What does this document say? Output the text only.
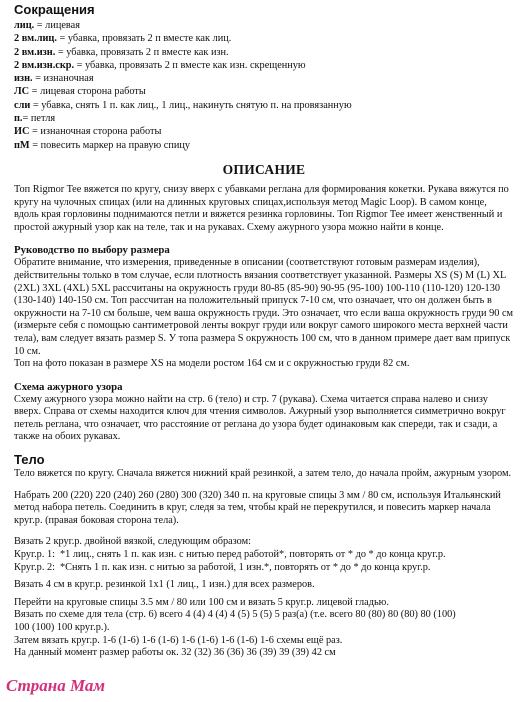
Сокращения
лиц. = лицевая
2 вм.лиц. = убавка, провязать 2 п вместе как лиц.
2 вм.изн. = убавка, провязать 2 п вместе как изн.
2 вм.изн.скр. = убавка, провязать 2 п вместе как изн. скрещенную
изн. = изнаночная
ЛС = лицевая сторона работы
сли = убавка, снять 1 п. как лиц., 1 лиц., накинуть снятую п. на провязанную
п.= петля
ИС = изнаночная сторона работы
пМ = повесить маркер на правую спицу
ОПИСАНИЕ

Топ Rigmor Tee вяжется по кругу, снизу вверх с убавками реглана для формирования кокетки. Рукава вяжутся по кругу на чулочных спицах (или на длинных круговых спицах,используя метод Magic Loop). В самом конце, вдоль края горловины поднимаются петли и вяжется резинка горловины. Топ Rigmor Tee имеет женственный и простой ажурный узор как на теле, так и на рукавах. Схему ажурного узора можно найти в конце.

Руководство по выбору размера

Обратите внимание, что измерения, приведенные в описании (соответствуют готовым размерам изделия), действительны только в том случае, если плотность вязания соответствует указанной. Размеры XS (S) M (L) XL (2XL) 3XL (4XL) 5XL рассчитаны на окружность груди 80-85 (85-90) 90-95 (95-100) 100-110 (110-120) 120-130 (130-140) 140-150 см. Топ рассчитан на положительный припуск 7-10 см, что означает, что он должен быть в окружности на 7-10 см больше, чем ваша окружность груди. Это означает, что если ваша окружность груди 90 см (измерьте себя с помощью сантиметровой ленты вокруг груди или вокруг самого широкого места верхней части тела), вам следует вязать размер S. У топа размера S окружность 100 см, что в данном примере дает вам припуск 10 см.

Топ на фото показан в размере XS на модели ростом 164 см и с окружностью груди 82 см.

Схема ажурного узора

Схему ажурного узора можно найти на стр. 6 (тело) и стр. 7 (рукава). Схема читается справа налево и снизу вверх. Справа от схемы находится ключ для чтения символов. Ажурный узор выполняется симметрично вокруг петель реглана, что означает, что расстояние от реглана до узора будет одинаковым как спереди, так и сзади, а также на обоих рукавах.

Тело

Тело вяжется по кругу. Сначала вяжется нижний край резинкой, а затем тело, до начала пройм, ажурным узором.

Набрать 200 (220) 220 (240) 260 (280) 300 (320) 340 п. на круговые спицы 3 мм / 80 см, используя Итальянский метод набора петель. Соединить в круг, следя за тем, чтобы край не перекрутился, и повесить маркер начала круг.р. (правая боковая сторона тела).

Вязать 2 круг.р. двойной вязкой, следующим образом:
Круг.р. 1: *1 лиц., снять 1 п. как изн. с нитью перед работой*, повторять от * до * до конца круг.р.
Круг.р. 2: *Снять 1 п. как изн. с нитью за работой, 1 изн.*, повторять от * до * до конца круг.р.
Вязать 4 см в круг.р. резинкой 1х1 (1 лиц., 1 изн.) для всех размеров.
Перейти на круговые спицы 3.5 мм / 80 или 100 см и вязать 5 круг.р. лицевой гладью.
Вязать по схеме для тела (стр. 6) всего 4 (4) 4 (4) 4 (5) 5 (5) 5 раз(а) (т.е. всего 80 (80) 80 (80) 80 (100)
100 (100) 100 круг.р.).
Затем вязать круг.р. 1-6 (1-6) 1-6 (1-6) 1-6 (1-6) 1-6 (1-6) 1-6 схемы ещё раз.
На данный момент размер работы ок. 32 (32) 36 (36) 36 (39) 39 (39) 42 см
Страна Мам
